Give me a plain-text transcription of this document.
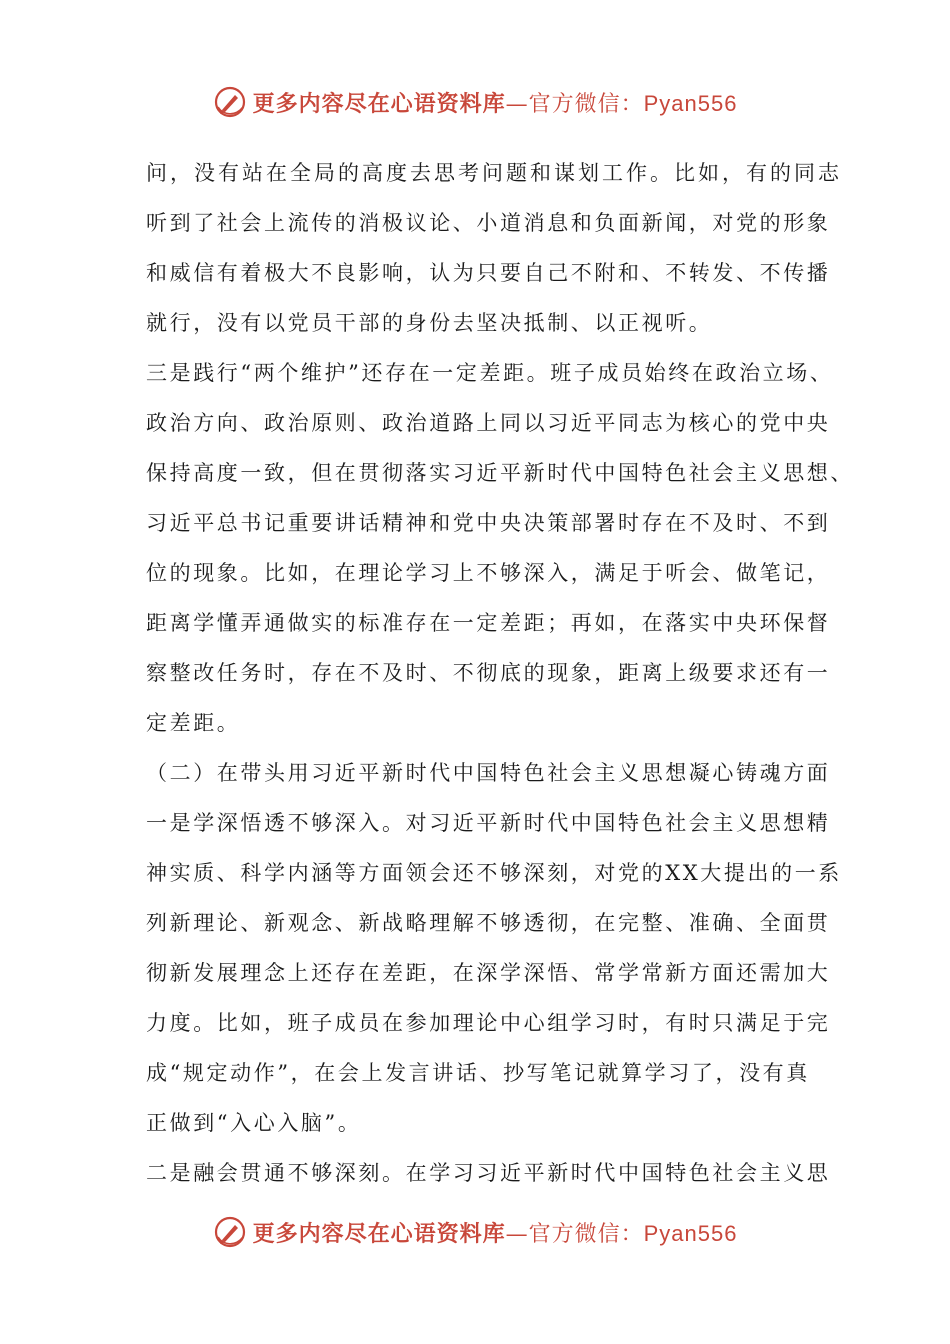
更多内容尽在心语资料库—官方微信：Pyan556
问，没有站在全局的高度去思考问题和谋划工作。比如，有的同志
听到了社会上流传的消极议论、小道消息和负面新闻，对党的形象
和威信有着极大不良影响，认为只要自己不附和、不转发、不传播
就行，没有以党员干部的身份去坚决抵制、以正视听。
三是践行“两个维护”还存在一定差距。班子成员始终在政治立场、
政治方向、政治原则、政治道路上同以习近平同志为核心的党中央
保持高度一致，但在贯彻落实习近平新时代中国特色社会主义思想、
习近平总书记重要讲话精神和党中央决策部署时存在不及时、不到
位的现象。比如，在理论学习上不够深入，满足于听会、做笔记，
距离学懂弄通做实的标准存在一定差距；再如，在落实中央环保督
察整改任务时，存在不及时、不彻底的现象，距离上级要求还有一
定差距。
（二）在带头用习近平新时代中国特色社会主义思想凝心铸魂方面
一是学深悟透不够深入。对习近平新时代中国特色社会主义思想精
神实质、科学内涵等方面领会还不够深刻，对党的XX大提出的一系
列新理论、新观念、新战略理解不够透彻，在完整、准确、全面贯
彻新发展理念上还存在差距，在深学深悟、常学常新方面还需加大
力度。比如，班子成员在参加理论中心组学习时，有时只满足于完
成“规定动作”，在会上发言讲话、抄写笔记就算学习了，没有真
正做到“入心入脑”。
二是融会贯通不够深刻。在学习习近平新时代中国特色社会主义思
更多内容尽在心语资料库—官方微信：Pyan556
